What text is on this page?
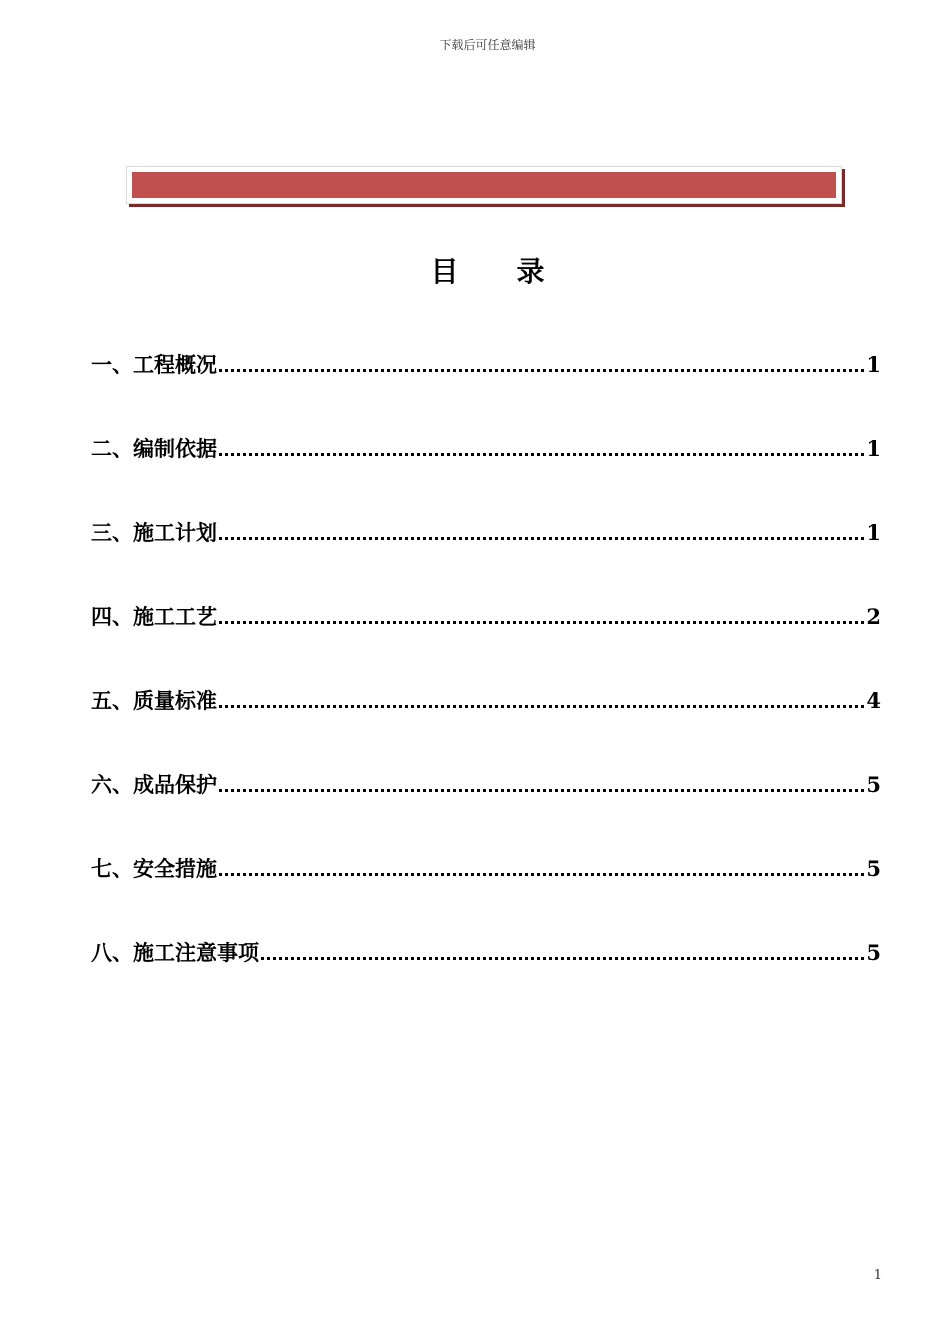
下载后可任意编辑
目 录
一、工程概况	1
二、编制依据	1
三、施工计划	1
四、施工工艺	2
五、质量标准	4
六、成品保护	5
七、安全措施	5
八、施工注意事项	5
1
